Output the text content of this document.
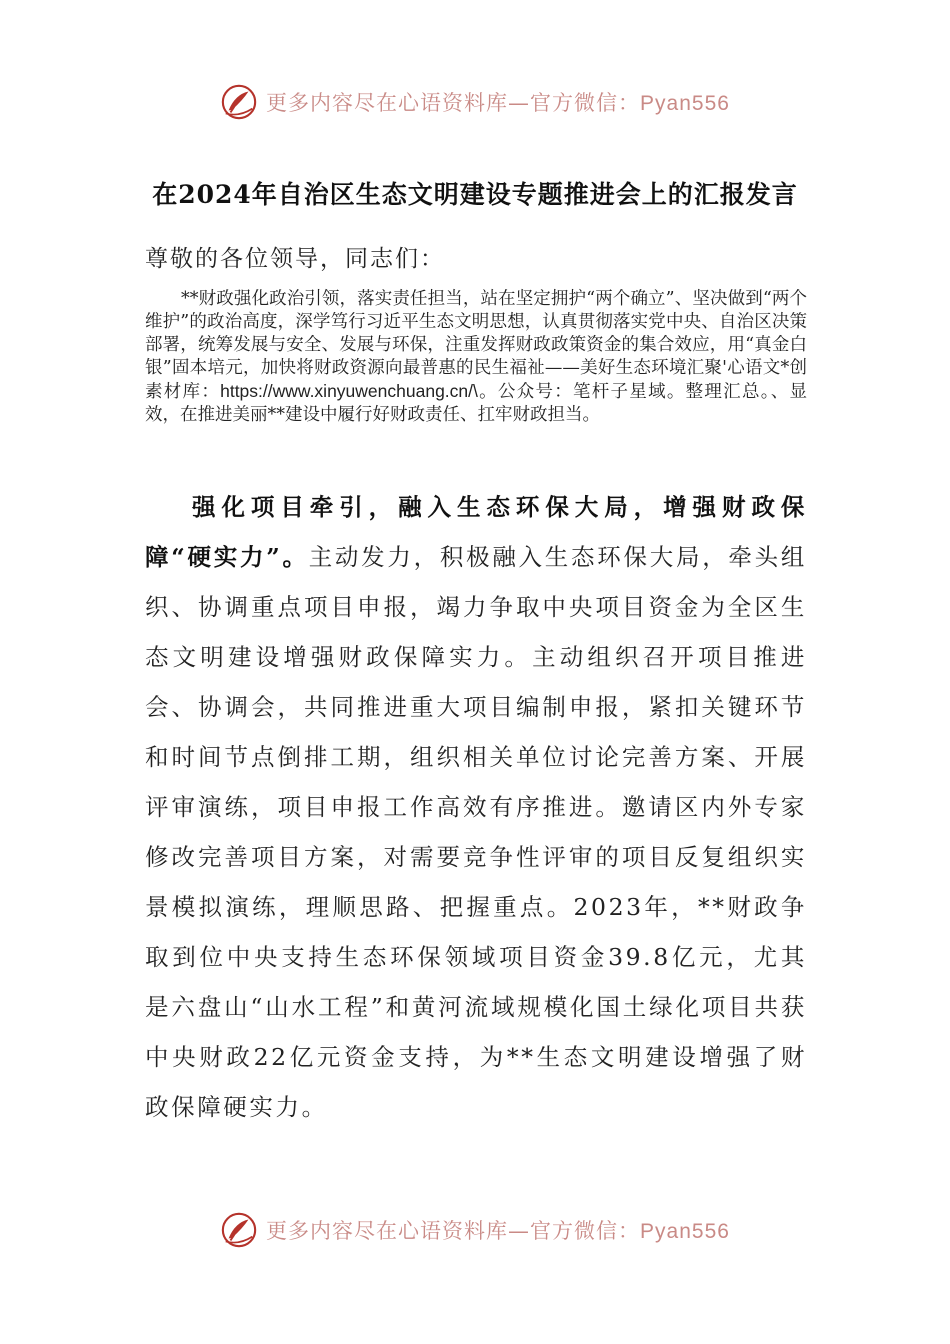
更多内容尽在心语资料库—官方微信：Pyan556
在2024年自治区生态文明建设专题推进会上的汇报发言
尊敬的各位领导，同志们：

**财政强化政治引领，落实责任担当，站在坚定拥护“两个确立”、坚决做到“两个维护”的政治高度，深学笃行习近平生态文明思想，认真贯彻落实党中央、自治区决策部署，统筹发展与安全、发展与环保，注重发挥财政政策资金的集合效应，用“真金白银”固本培元，加快将财政资源向最普惠的民生福祉——美好生态环境汇聚'心语文*创素材库：https://www.xinyuwenchuang.cn/\。公众号：笔杆子星域。整理汇总。、显效，在推进美丽**建设中履行好财政责任、扛牢财政担当。

强化项目牵引，融入生态环保大局，增强财政保障“硬实力”。主动发力，积极融入生态环保大局，牵头组织、协调重点项目申报，竭力争取中央项目资金为全区生态文明建设增强财政保障实力。主动组织召开项目推进会、协调会，共同推进重大项目编制申报，紧扣关键环节和时间节点倒排工期，组织相关单位讨论完善方案、开展评审演练，项目申报工作高效有序推进。邀请区内外专家修改完善项目方案，对需要竞争性评审的项目反复组织实景模拟演练，理顺思路、把握重点。2023年，**财政争取到位中央支持生态环保领域项目资金39.8亿元，尤其是六盘山“山水工程”和黄河流域规模化国土绿化项目共获中央财政22亿元资金支持，为**生态文明建设增强了财政保障硬实力。

更多内容尽在心语资料库—官方微信：Pyan556
